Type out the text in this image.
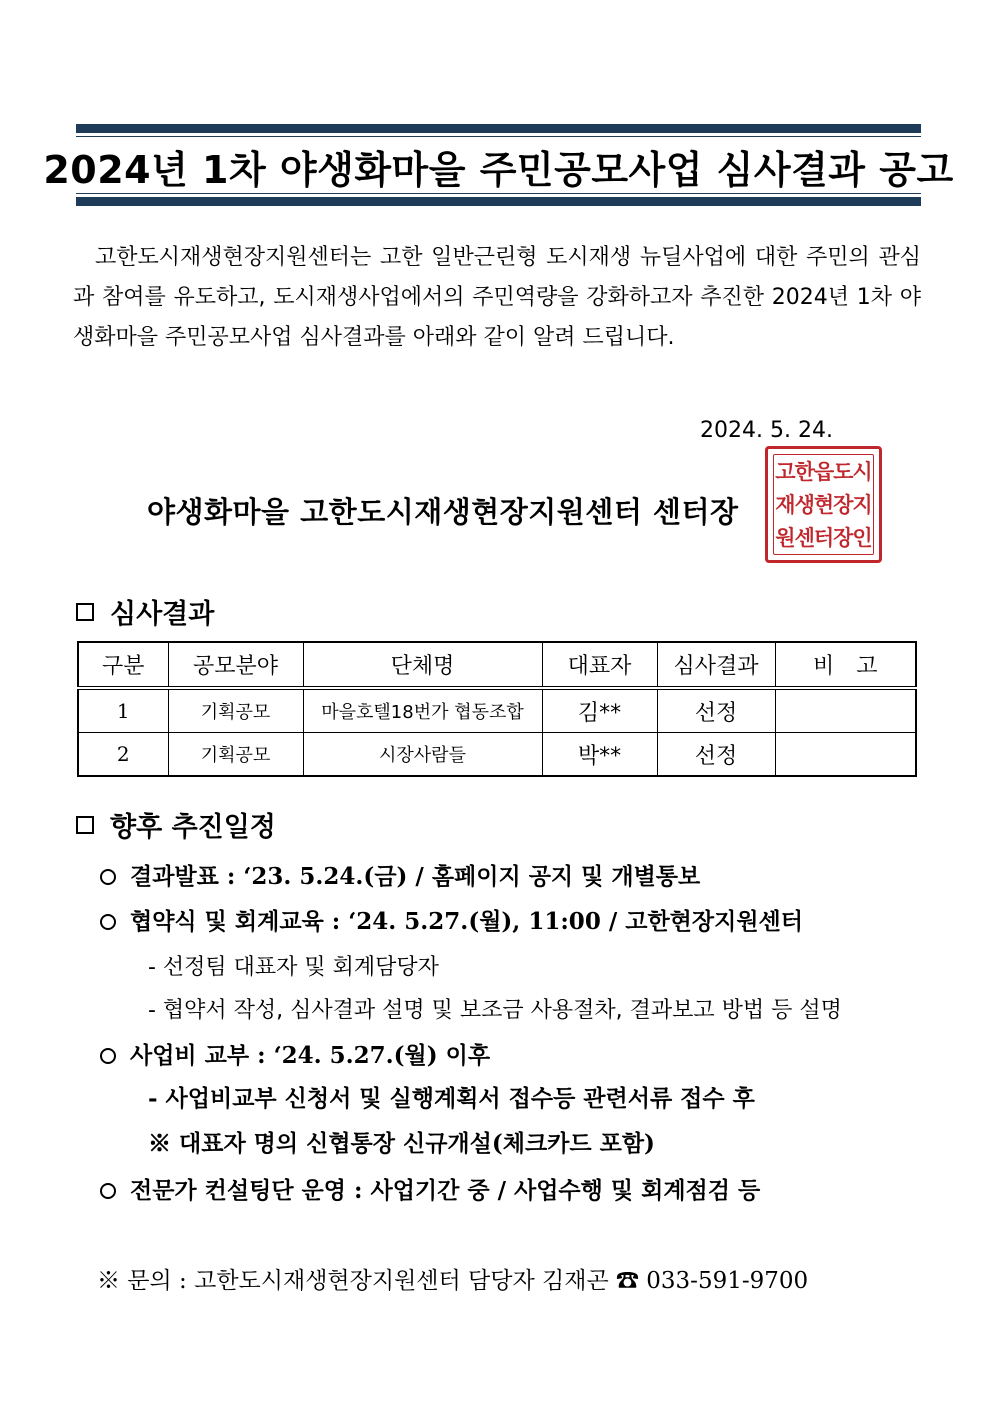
2024년 1차 야생화마을 주민공모사업 심사결과 공고
고한도시재생현장지원센터는 고한 일반근린형 도시재생 뉴딜사업에 대한 주민의 관심과 참여를 유도하고, 도시재생사업에서의 주민역량을 강화하고자 추진한 2024년 1차 야생화마을 주민공모사업 심사결과를 아래와 같이 알려 드립니다.
2024. 5. 24.
야생화마을 고한도시재생현장지원센터 센터장
고한읍도시
재생현장지
원센터장인
심사결과
구분	공모분야	단체명	대표자	심사결과	비　고
1	기획공모	마을호텔18번가 협동조합	김**	선정	
2	기획공모	시장사람들	박**	선정	
향후 추진일정
결과발표 : ‘23. 5.24.(금) / 홈페이지 공지 및 개별통보
협약식 및 회계교육 : ‘24. 5.27.(월), 11:00 / 고한현장지원센터
- 선정팀 대표자 및 회계담당자
- 협약서 작성, 심사결과 설명 및 보조금 사용절차, 결과보고 방법 등 설명
사업비 교부 : ‘24. 5.27.(월) 이후
- 사업비교부 신청서 및 실행계획서 접수등 관련서류 접수 후
※ 대표자 명의 신협통장 신규개설(체크카드 포함)
전문가 컨설팅단 운영 : 사업기간 중 / 사업수행 및 회계점검 등
※ 문의 : 고한도시재생현장지원센터 담당자 김재곤 ☎ 033-591-9700
